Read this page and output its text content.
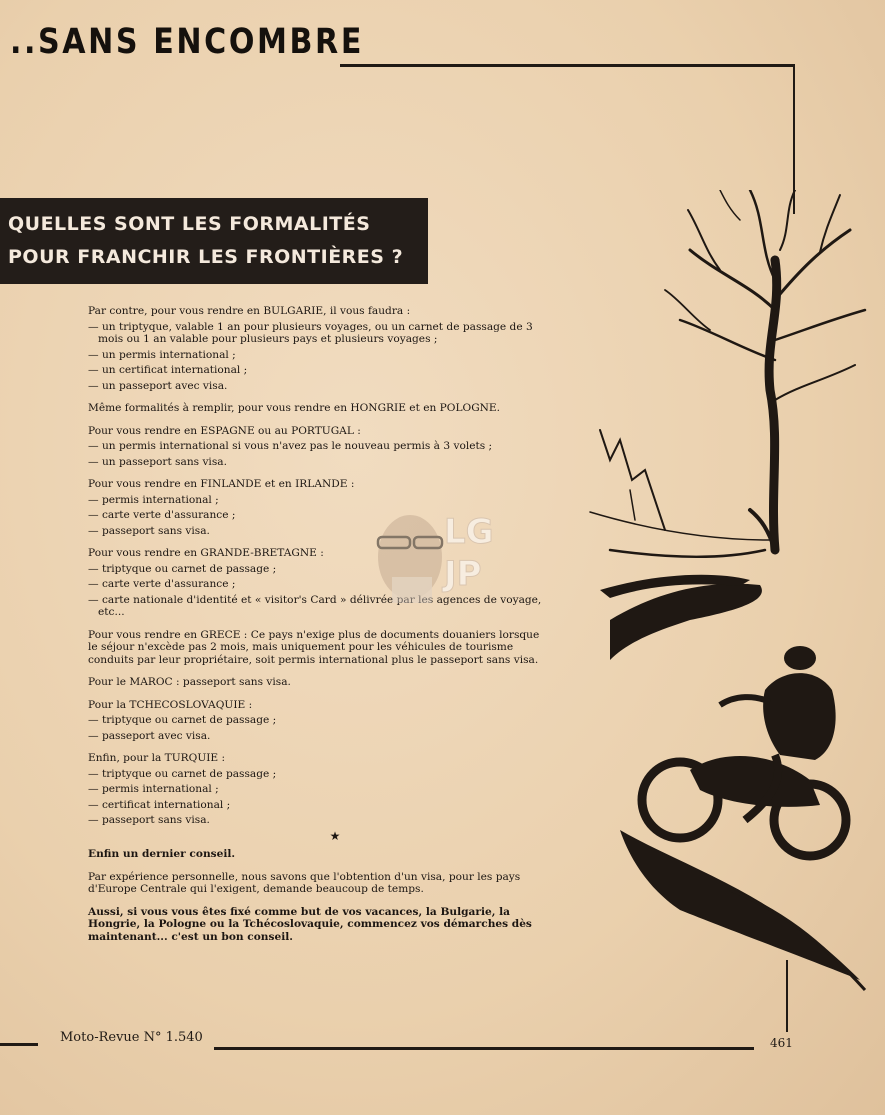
..SANS ENCOMBRE
QUELLES SONT LES FORMALITÉS
POUR FRANCHIR LES FRONTIÈRES ?

Par contre, pour vous rendre en BULGARIE, il vous faudra :

— un triptyque, valable 1 an pour plusieurs voyages, ou un carnet de passage de 3 mois ou 1 an valable pour plusieurs pays et plusieurs voyages ;

— un permis international ;

— un certificat international ;

— un passeport avec visa.

Même formalités à remplir, pour vous rendre en HONGRIE et en POLOGNE.

Pour vous rendre en ESPAGNE ou au PORTUGAL :

— un permis international si vous n'avez pas le nouveau permis à 3 volets ;

— un passeport sans visa.

Pour vous rendre en FINLANDE et en IRLANDE :

— permis international ;

— carte verte d'assurance ;

— passeport sans visa.

Pour vous rendre en GRANDE-BRETAGNE :

— triptyque ou carnet de passage ;

— carte verte d'assurance ;

— carte nationale d'identité et « visitor's Card » délivrée par les agences de voyage, etc...

Pour vous rendre en GRECE : Ce pays n'exige plus de documents douaniers lorsque le séjour n'excède pas 2 mois, mais uniquement pour les véhicules de tourisme conduits par leur propriétaire, soit permis international plus le passeport sans visa.

Pour le MAROC : passeport sans visa.

Pour la TCHECOSLOVAQUIE :

— triptyque ou carnet de passage ;

— passeport avec visa.

Enfin, pour la TURQUIE :

— triptyque ou carnet de passage ;

— permis international ;

— certificat international ;

— passeport sans visa.

★

Enfin un dernier conseil.

Par expérience personnelle, nous savons que l'obtention d'un visa, pour les pays d'Europe Centrale qui l'exigent, demande beaucoup de temps.

Aussi, si vous vous êtes fixé comme but de vos vacances, la Bulgarie, la Hongrie, la Pologne ou la Tchécoslovaquie, commencez vos démarches dès maintenant... c'est un bon conseil.

LG JP
Moto-Revue N° 1.540	461
